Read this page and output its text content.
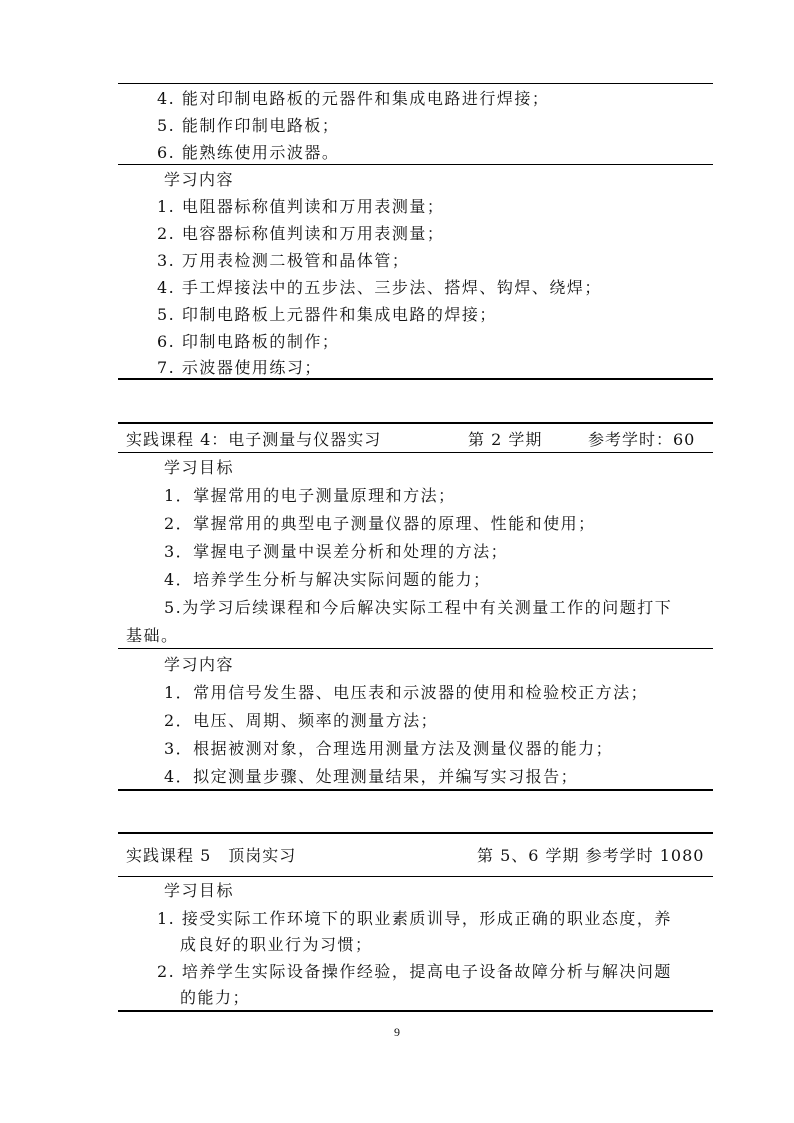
4. 能对印制电路板的元器件和集成电路进行焊接；
5. 能制作印制电路板；
6. 能熟练使用示波器。
学习内容
1. 电阻器标称值判读和万用表测量；
2. 电容器标称值判读和万用表测量；
3. 万用表检测二极管和晶体管；
4. 手工焊接法中的五步法、三步法、搭焊、钩焊、绕焊；
5. 印制电路板上元器件和集成电路的焊接；
6. 印制电路板的制作；
7. 示波器使用练习；
实践课程 4：电子测量与仪器实习	第 2 学期	参考学时：60
学习目标
1．掌握常用的电子测量原理和方法；
2．掌握常用的典型电子测量仪器的原理、性能和使用；
3．掌握电子测量中误差分析和处理的方法；
4．培养学生分析与解决实际问题的能力；
5.为学习后续课程和今后解决实际工程中有关测量工作的问题打下
基础。
学习内容
1．常用信号发生器、电压表和示波器的使用和检验校正方法；
2．电压、周期、频率的测量方法；
3．根据被测对象，合理选用测量方法及测量仪器的能力；
4．拟定测量步骤、处理测量结果，并编写实习报告；
实践课程 5　顶岗实习	第 5、6 学期 参考学时 1080
学习目标
1. 接受实际工作环境下的职业素质训导，形成正确的职业态度，养
成良好的职业行为习惯；
2. 培养学生实际设备操作经验，提高电子设备故障分析与解决问题
的能力；
9
